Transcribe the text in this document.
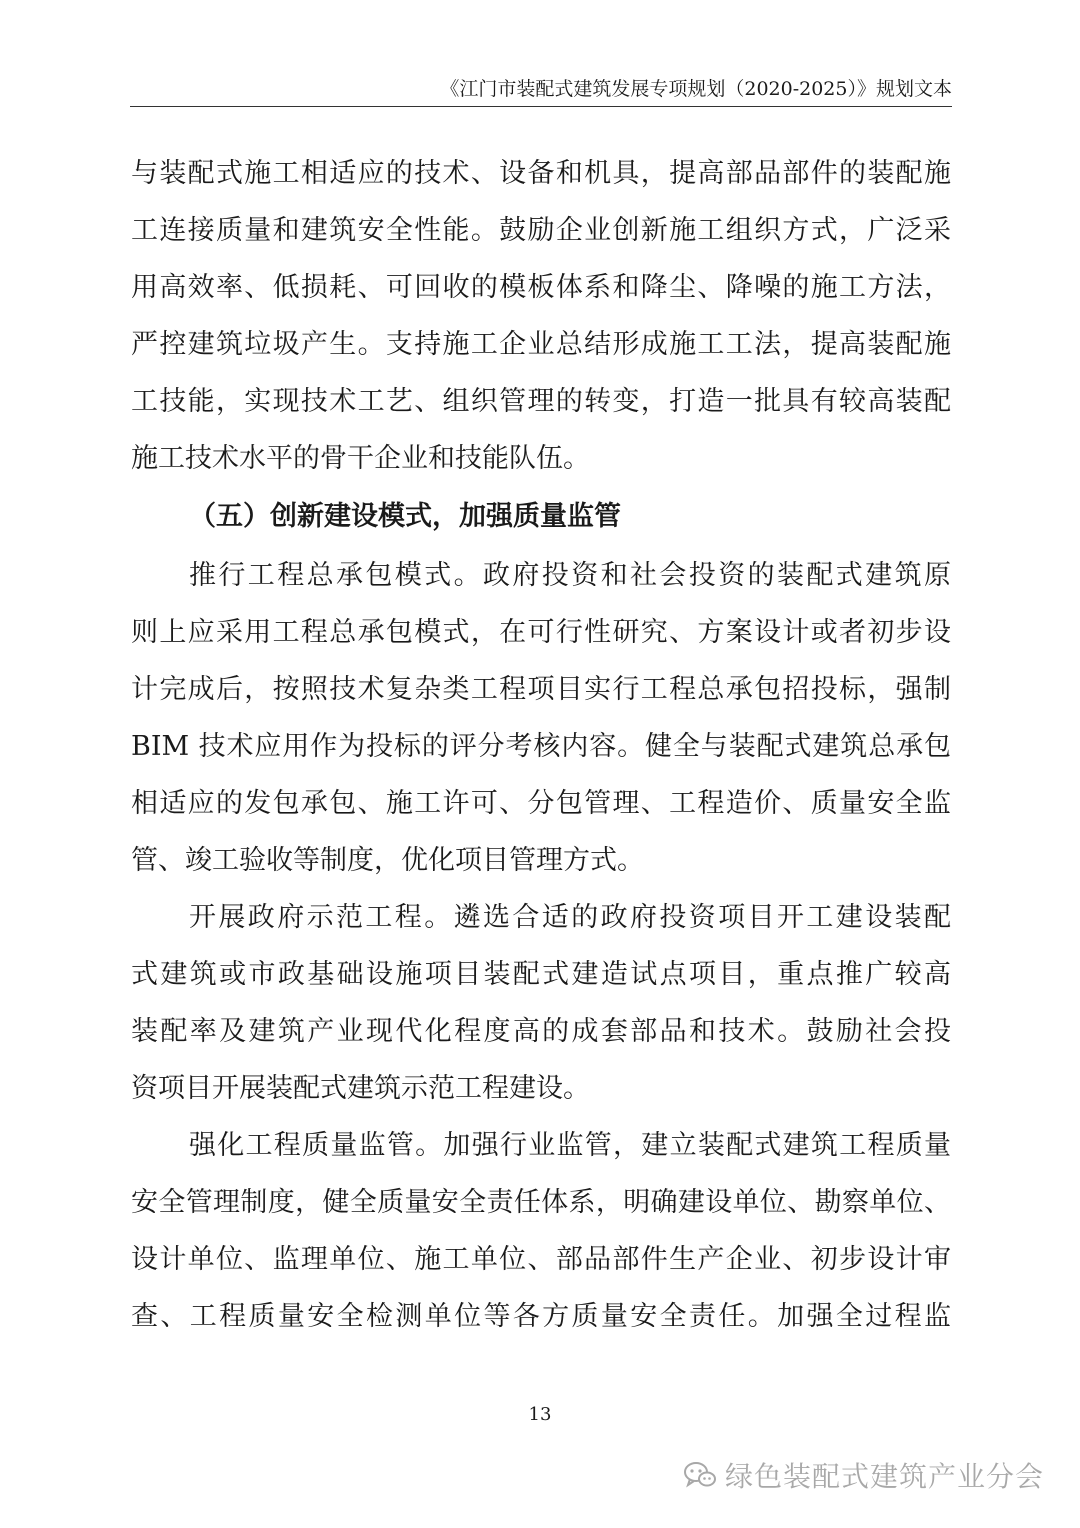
《江门市装配式建筑发展专项规划（2020-2025）》规划文本
与装配式施工相适应的技术、设备和机具，提高部品部件的装配施
工连接质量和建筑安全性能。鼓励企业创新施工组织方式，广泛采
用高效率、低损耗、可回收的模板体系和降尘、降噪的施工方法，
严控建筑垃圾产生。支持施工企业总结形成施工工法，提高装配施
工技能，实现技术工艺、组织管理的转变，打造一批具有较高装配
施工技术水平的骨干企业和技能队伍。
（五）创新建设模式，加强质量监管
推行工程总承包模式。政府投资和社会投资的装配式建筑原
则上应采用工程总承包模式，在可行性研究、方案设计或者初步设
计完成后，按照技术复杂类工程项目实行工程总承包招投标，强制
BIM 技术应用作为投标的评分考核内容。健全与装配式建筑总承包
相适应的发包承包、施工许可、分包管理、工程造价、质量安全监
管、竣工验收等制度，优化项目管理方式。
开展政府示范工程。遴选合适的政府投资项目开工建设装配
式建筑或市政基础设施项目装配式建造试点项目，重点推广较高
装配率及建筑产业现代化程度高的成套部品和技术。鼓励社会投
资项目开展装配式建筑示范工程建设。
强化工程质量监管。加强行业监管，建立装配式建筑工程质量
安全管理制度，健全质量安全责任体系，明确建设单位、勘察单位、
设计单位、监理单位、施工单位、部品部件生产企业、初步设计审
查、工程质量安全检测单位等各方质量安全责任。加强全过程监
13
绿色装配式建筑产业分会
